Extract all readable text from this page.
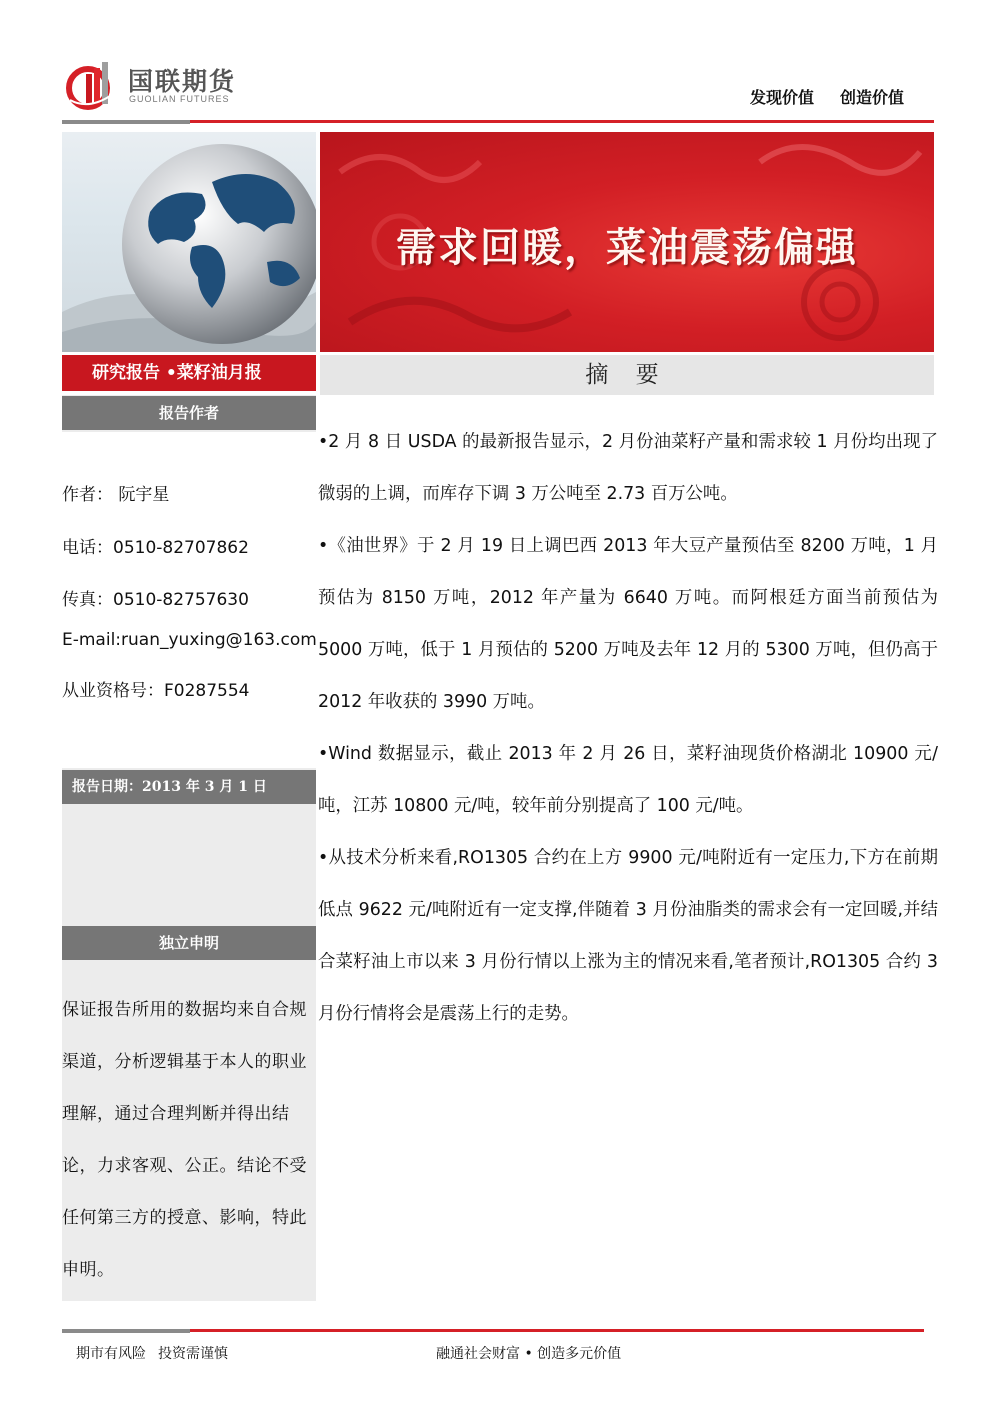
国联期货
GUOLIAN FUTURES	发现价值 创造价值
需求回暖，菜油震荡偏强
研究报告 •菜籽油月报
报告作者
作者： 阮宇星
电话：0510-82707862
传真：0510-82757630
E-mail:ruan_yuxing@163.com
从业资格号：F0287554
报告日期：2013 年 3 月 1 日
独立申明
保证报告所用的数据均来自合规渠道，分析逻辑基于本人的职业理解，通过合理判断并得出结论，力求客观、公正。结论不受任何第三方的授意、影响，特此申明。
摘 要

•2 月 8 日 USDA 的最新报告显示，2 月份油菜籽产量和需求较 1 月份均出现了微弱的上调，而库存下调 3 万公吨至 2.73 百万公吨。

•《油世界》于 2 月 19 日上调巴西 2013 年大豆产量预估至 8200 万吨，1 月预估为 8150 万吨，2012 年产量为 6640 万吨。而阿根廷方面当前预估为 5000 万吨，低于 1 月预估的 5200 万吨及去年 12 月的 5300 万吨，但仍高于 2012 年收获的 3990 万吨。

•Wind 数据显示，截止 2013 年 2 月 26 日，菜籽油现货价格湖北 10900 元/吨，江苏 10800 元/吨，较年前分别提高了 100 元/吨。

•从技术分析来看,RO1305 合约在上方 9900 元/吨附近有一定压力,下方在前期低点 9622 元/吨附近有一定支撑,伴随着 3 月份油脂类的需求会有一定回暖,并结合菜籽油上市以来 3 月份行情以上涨为主的情况来看,笔者预计,RO1305 合约 3 月份行情将会是震荡上行的走势。

期市有风险 投资需谨慎	融通社会财富 • 创造多元价值
